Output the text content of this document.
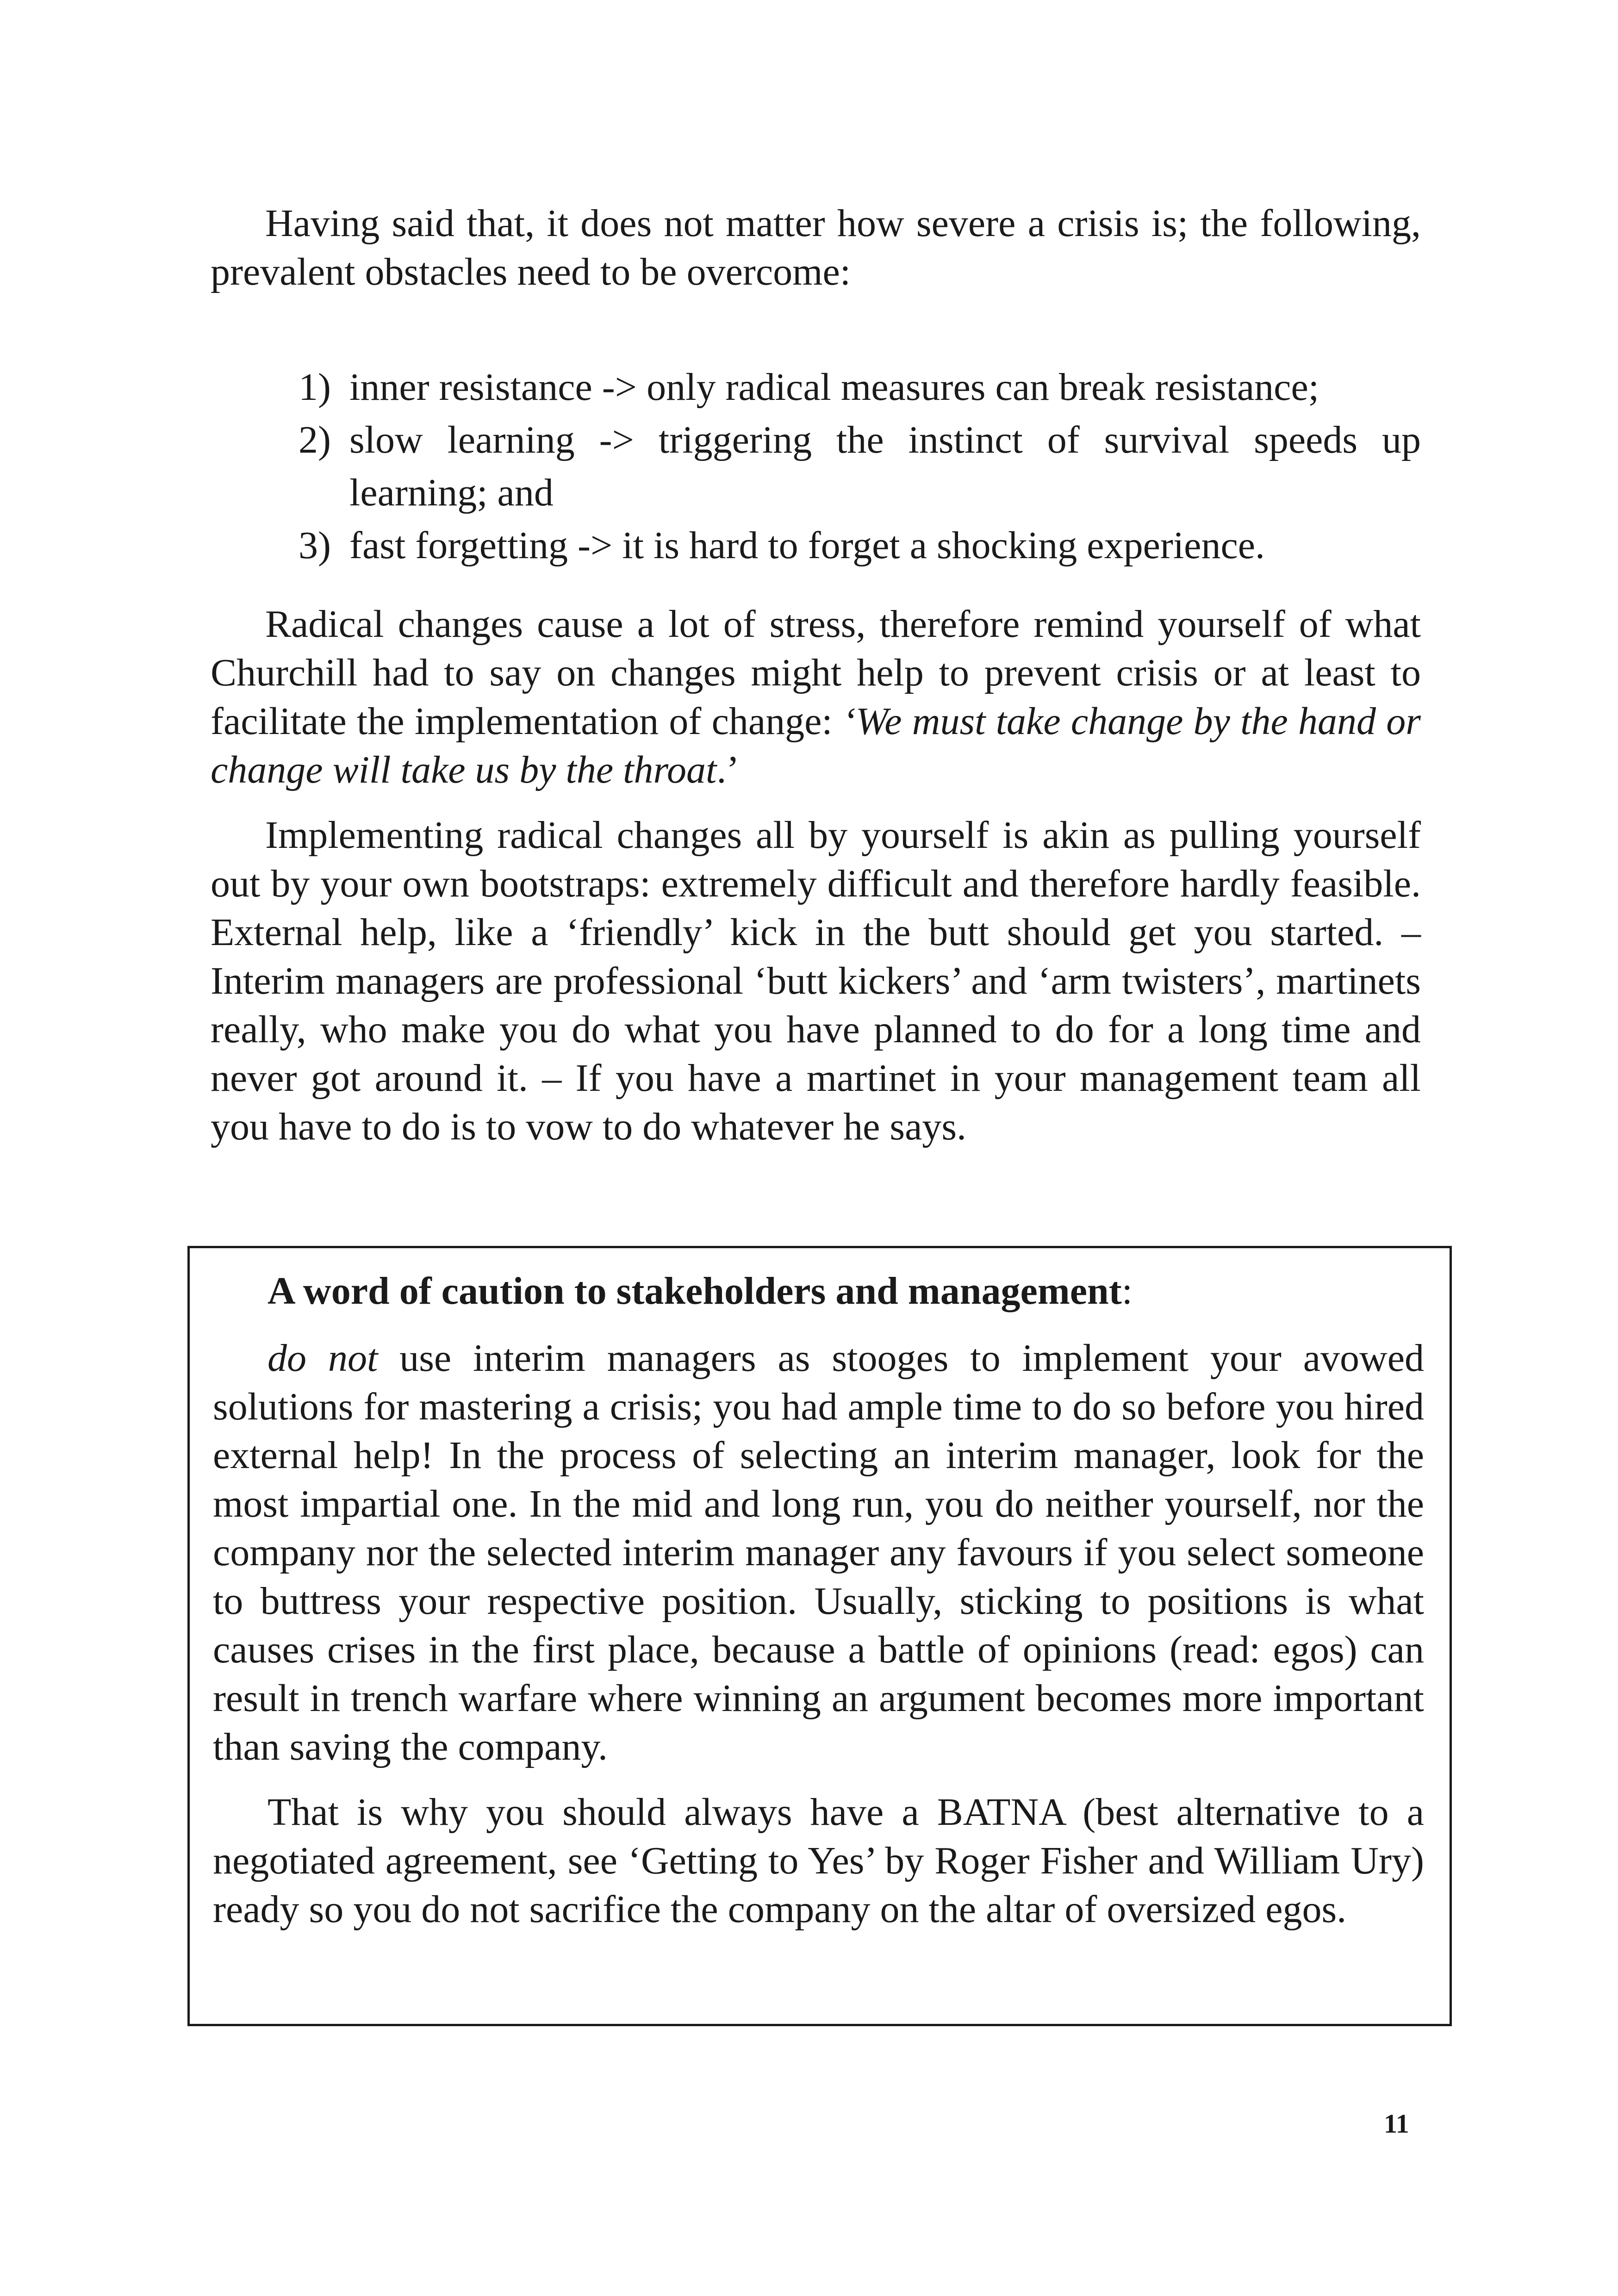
Having said that, it does not matter how severe a crisis is; the following, prevalent obstacles need to be overcome:

1) inner resistance -> only radical measures can break resistance;
2) slow learning -> triggering the instinct of survival speeds up learning; and
3) fast forgetting -> it is hard to forget a shocking experience.

Radical changes cause a lot of stress, therefore remind yourself of what Churchill had to say on changes might help to prevent crisis or at least to facilitate the implementation of change: ‘We must take change by the hand or change will take us by the throat.’

Implementing radical changes all by yourself is akin as pulling yourself out by your own bootstraps: extremely difficult and therefore hardly feasible. External help, like a ‘friendly’ kick in the butt should get you started. – Interim managers are professional ‘butt kickers’ and ‘arm twisters’, martinets really, who make you do what you have planned to do for a long time and never got around it. – If you have a martinet in your management team all you have to do is to vow to do whatever he says.

A word of caution to stakeholders and management:

do not use interim managers as stooges to implement your avowed solutions for mastering a crisis; you had ample time to do so before you hired external help! In the process of selecting an interim manager, look for the most impartial one. In the mid and long run, you do neither yourself, nor the company nor the selected interim manager any favours if you select someone to buttress your respective position. Usually, sticking to positions is what causes crises in the first place, because a battle of opinions (read: egos) can result in trench warfare where winning an argument becomes more important than saving the company.

That is why you should always have a BATNA (best alternative to a negotiated agreement, see ‘Getting to Yes’ by Roger Fisher and William Ury) ready so you do not sacrifice the company on the altar of oversized egos.

11
